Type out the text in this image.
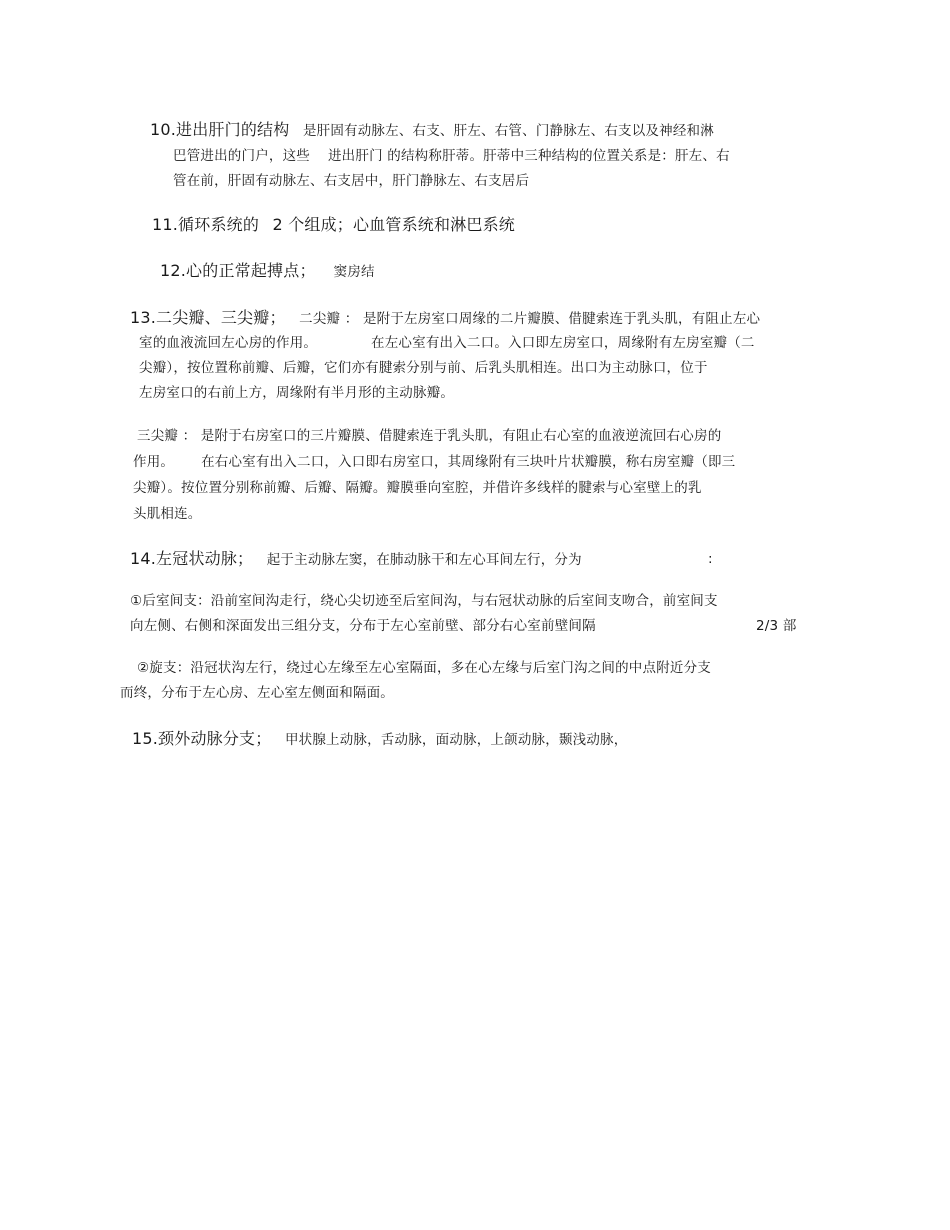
10.进出肝门的结构 是肝固有动脉左、右支、肝左、右管、门静脉左、右支以及神经和淋
巴管进出的门户，这些 进出肝门 的结构称肝蒂。肝蒂中三种结构的位置关系是：肝左、右
管在前，肝固有动脉左、右支居中，肝门静脉左、右支居后
11.循环系统的 2 个组成；心血管系统和淋巴系统
12.心的正常起搏点； 窦房结
13.二尖瓣、三尖瓣； 二尖瓣 ： 是附于左房室口周缘的二片瓣膜、借腱索连于乳头肌，有阻止左心
室的血液流回左心房的作用。	在左心室有出入二口。入口即左房室口，周缘附有左房室瓣（二
尖瓣），按位置称前瓣、后瓣，它们亦有腱索分别与前、后乳头肌相连。出口为主动脉口，位于
左房室口的右前上方，周缘附有半月形的主动脉瓣。
三尖瓣 ： 是附于右房室口的三片瓣膜、借腱索连于乳头肌，有阻止右心室的血液逆流回右心房的
作用。 在右心室有出入二口，入口即右房室口，其周缘附有三块叶片状瓣膜，称右房室瓣（即三
尖瓣）。按位置分别称前瓣、后瓣、隔瓣。瓣膜垂向室腔，并借许多线样的腱索与心室壁上的乳
头肌相连。
14.左冠状动脉； 起于主动脉左窦，在肺动脉干和左心耳间左行，分为	:
①后室间支：沿前室间沟走行，绕心尖切迹至后室间沟，与右冠状动脉的后室间支吻合，前室间支
向左侧、右侧和深面发出三组分支，分布于左心室前壁、部分右心室前壁间隔	2/3 部
②旋支：沿冠状沟左行，绕过心左缘至左心室隔面，多在心左缘与后室门沟之间的中点附近分支
而终，分布于左心房、左心室左侧面和隔面。
15.颈外动脉分支； 甲状腺上动脉，舌动脉，面动脉，上颌动脉，颞浅动脉，
